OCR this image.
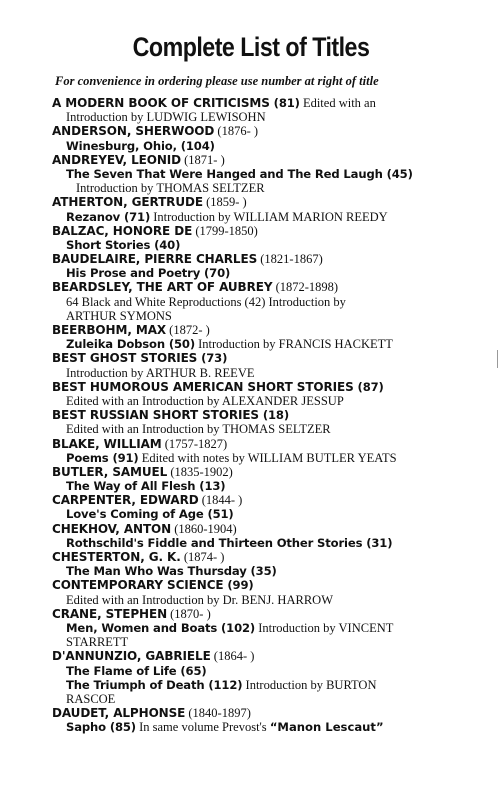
Complete List of Titles
For convenience in ordering please use number at right of title
A MODERN BOOK OF CRITICISMS (81) Edited with an
Introduction by LUDWIG LEWISOHN
ANDERSON, SHERWOOD (1876- )
Winesburg, Ohio, (104)
ANDREYEV, LEONID (1871- )
The Seven That Were Hanged and The Red Laugh (45)
Introduction by THOMAS SELTZER
ATHERTON, GERTRUDE (1859- )
Rezanov (71) Introduction by WILLIAM MARION REEDY
BALZAC, HONORE DE (1799-1850)
Short Stories (40)
BAUDELAIRE, PIERRE CHARLES (1821-1867)
His Prose and Poetry (70)
BEARDSLEY, THE ART OF AUBREY (1872-1898)
64 Black and White Reproductions (42) Introduction by
ARTHUR SYMONS
BEERBOHM, MAX (1872- )
Zuleika Dobson (50) Introduction by FRANCIS HACKETT
BEST GHOST STORIES (73)
Introduction by ARTHUR B. REEVE
BEST HUMOROUS AMERICAN SHORT STORIES (87)
Edited with an Introduction by ALEXANDER JESSUP
BEST RUSSIAN SHORT STORIES (18)
Edited with an Introduction by THOMAS SELTZER
BLAKE, WILLIAM (1757-1827)
Poems (91) Edited with notes by WILLIAM BUTLER YEATS
BUTLER, SAMUEL (1835-1902)
The Way of All Flesh (13)
CARPENTER, EDWARD (1844- )
Love's Coming of Age (51)
CHEKHOV, ANTON (1860-1904)
Rothschild's Fiddle and Thirteen Other Stories (31)
CHESTERTON, G. K. (1874- )
The Man Who Was Thursday (35)
CONTEMPORARY SCIENCE (99)
Edited with an Introduction by Dr. BENJ. HARROW
CRANE, STEPHEN (1870- )
Men, Women and Boats (102) Introduction by VINCENT
STARRETT
D'ANNUNZIO, GABRIELE (1864- )
The Flame of Life (65)
The Triumph of Death (112) Introduction by BURTON
RASCOE
DAUDET, ALPHONSE (1840-1897)
Sapho (85) In same volume Prevost's “Manon Lescaut”
